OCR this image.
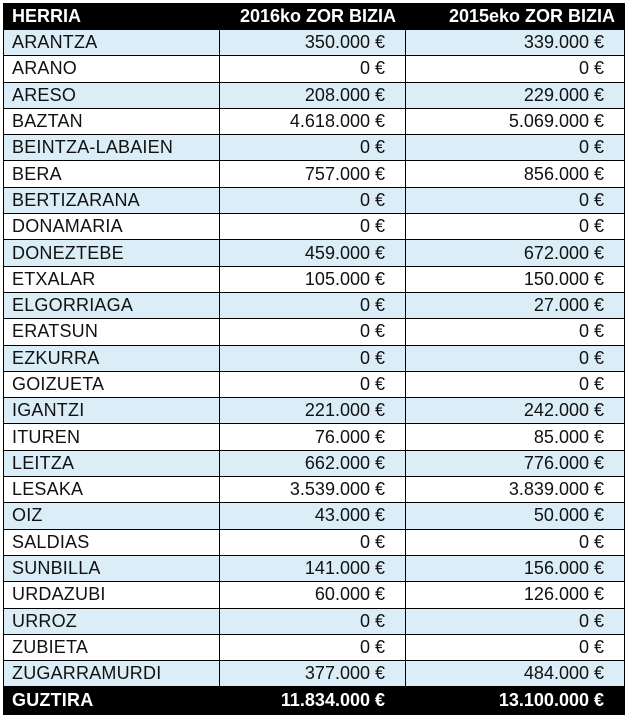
HERRIA	2016ko ZOR BIZIA	2015eko ZOR BIZIA
ARANTZA	350.000 €	339.000 €
ARANO	0 €	0 €
ARESO	208.000 €	229.000 €
BAZTAN	4.618.000 €	5.069.000 €
BEINTZA-LABAIEN	0 €	0 €
BERA	757.000 €	856.000 €
BERTIZARANA	0 €	0 €
DONAMARIA	0 €	0 €
DONEZTEBE	459.000 €	672.000 €
ETXALAR	105.000 €	150.000 €
ELGORRIAGA	0 €	27.000 €
ERATSUN	0 €	0 €
EZKURRA	0 €	0 €
GOIZUETA	0 €	0 €
IGANTZI	221.000 €	242.000 €
ITUREN	76.000 €	85.000 €
LEITZA	662.000 €	776.000 €
LESAKA	3.539.000 €	3.839.000 €
OIZ	43.000 €	50.000 €
SALDIAS	0 €	0 €
SUNBILLA	141.000 €	156.000 €
URDAZUBI	60.000 €	126.000 €
URROZ	0 €	0 €
ZUBIETA	0 €	0 €
ZUGARRAMURDI	377.000 €	484.000 €
GUZTIRA	11.834.000 €	13.100.000 €
